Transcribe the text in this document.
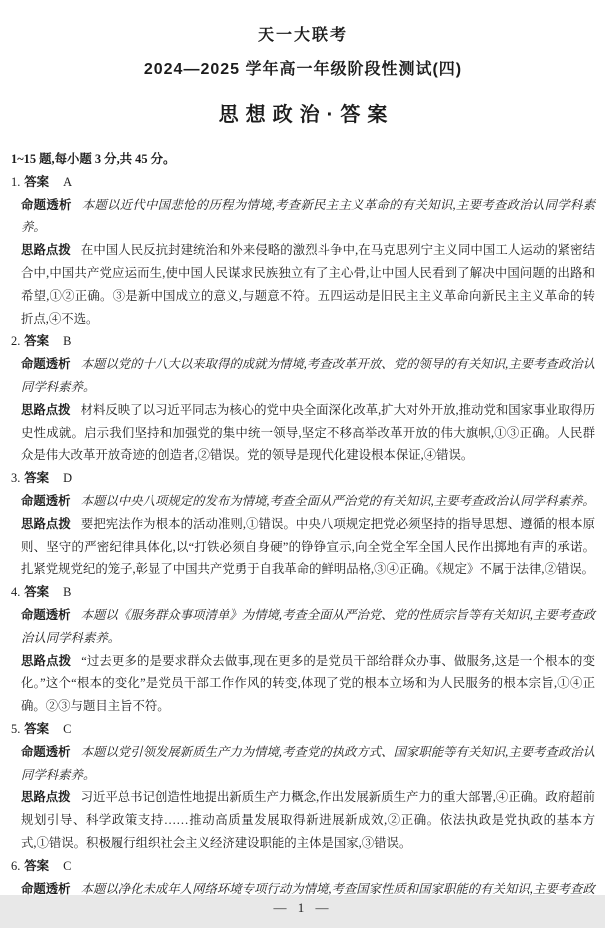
天一大联考
2024—2025 学年高一年级阶段性测试(四)
思想政治·答案

1~15 题,每小题 3 分,共 45 分。

1. 答案 A

命题透析 本题以近代中国悲怆的历程为情境,考查新民主主义革命的有关知识,主要考查政治认同学科素养。

思路点拨 在中国人民反抗封建统治和外来侵略的激烈斗争中,在马克思列宁主义同中国工人运动的紧密结合中,中国共产党应运而生,使中国人民谋求民族独立有了主心骨,让中国人民看到了解决中国问题的出路和希望,①②正确。③是新中国成立的意义,与题意不符。五四运动是旧民主主义革命向新民主主义革命的转折点,④不选。

2. 答案 B

命题透析 本题以党的十八大以来取得的成就为情境,考查改革开放、党的领导的有关知识,主要考查政治认同学科素养。

思路点拨 材料反映了以习近平同志为核心的党中央全面深化改革,扩大对外开放,推动党和国家事业取得历史性成就。启示我们坚持和加强党的集中统一领导,坚定不移高举改革开放的伟大旗帜,①③正确。人民群众是伟大改革开放奇迹的创造者,②错误。党的领导是现代化建设根本保证,④错误。

3. 答案 D

命题透析 本题以中央八项规定的发布为情境,考查全面从严治党的有关知识,主要考查政治认同学科素养。

思路点拨 要把宪法作为根本的活动准则,①错误。中央八项规定把党必须坚持的指导思想、遵循的根本原则、坚守的严密纪律具体化,以“打铁必须自身硬”的铮铮宣示,向全党全军全国人民作出掷地有声的承诺。扎紧党规党纪的笼子,彰显了中国共产党勇于自我革命的鲜明品格,③④正确。《规定》不属于法律,②错误。

4. 答案 B

命题透析 本题以《服务群众事项清单》为情境,考查全面从严治党、党的性质宗旨等有关知识,主要考查政治认同学科素养。

思路点拨 “过去更多的是要求群众去做事,现在更多的是党员干部给群众办事、做服务,这是一个根本的变化。”这个“根本的变化”是党员干部工作作风的转变,体现了党的根本立场和为人民服务的根本宗旨,①④正确。②③与题目主旨不符。

5. 答案 C

命题透析 本题以党引领发展新质生产力为情境,考查党的执政方式、国家职能等有关知识,主要考查政治认同学科素养。

思路点拨 习近平总书记创造性地提出新质生产力概念,作出发展新质生产力的重大部署,④正确。政府超前规划引导、科学政策支持……推动高质量发展取得新进展新成效,②正确。依法执政是党执政的基本方式,①错误。积极履行组织社会主义经济建设职能的主体是国家,③错误。

6. 答案 C

命题透析 本题以净化未成年人网络环境专项行动为情境,考查国家性质和国家职能的有关知识,主要考查政

— 1 —
